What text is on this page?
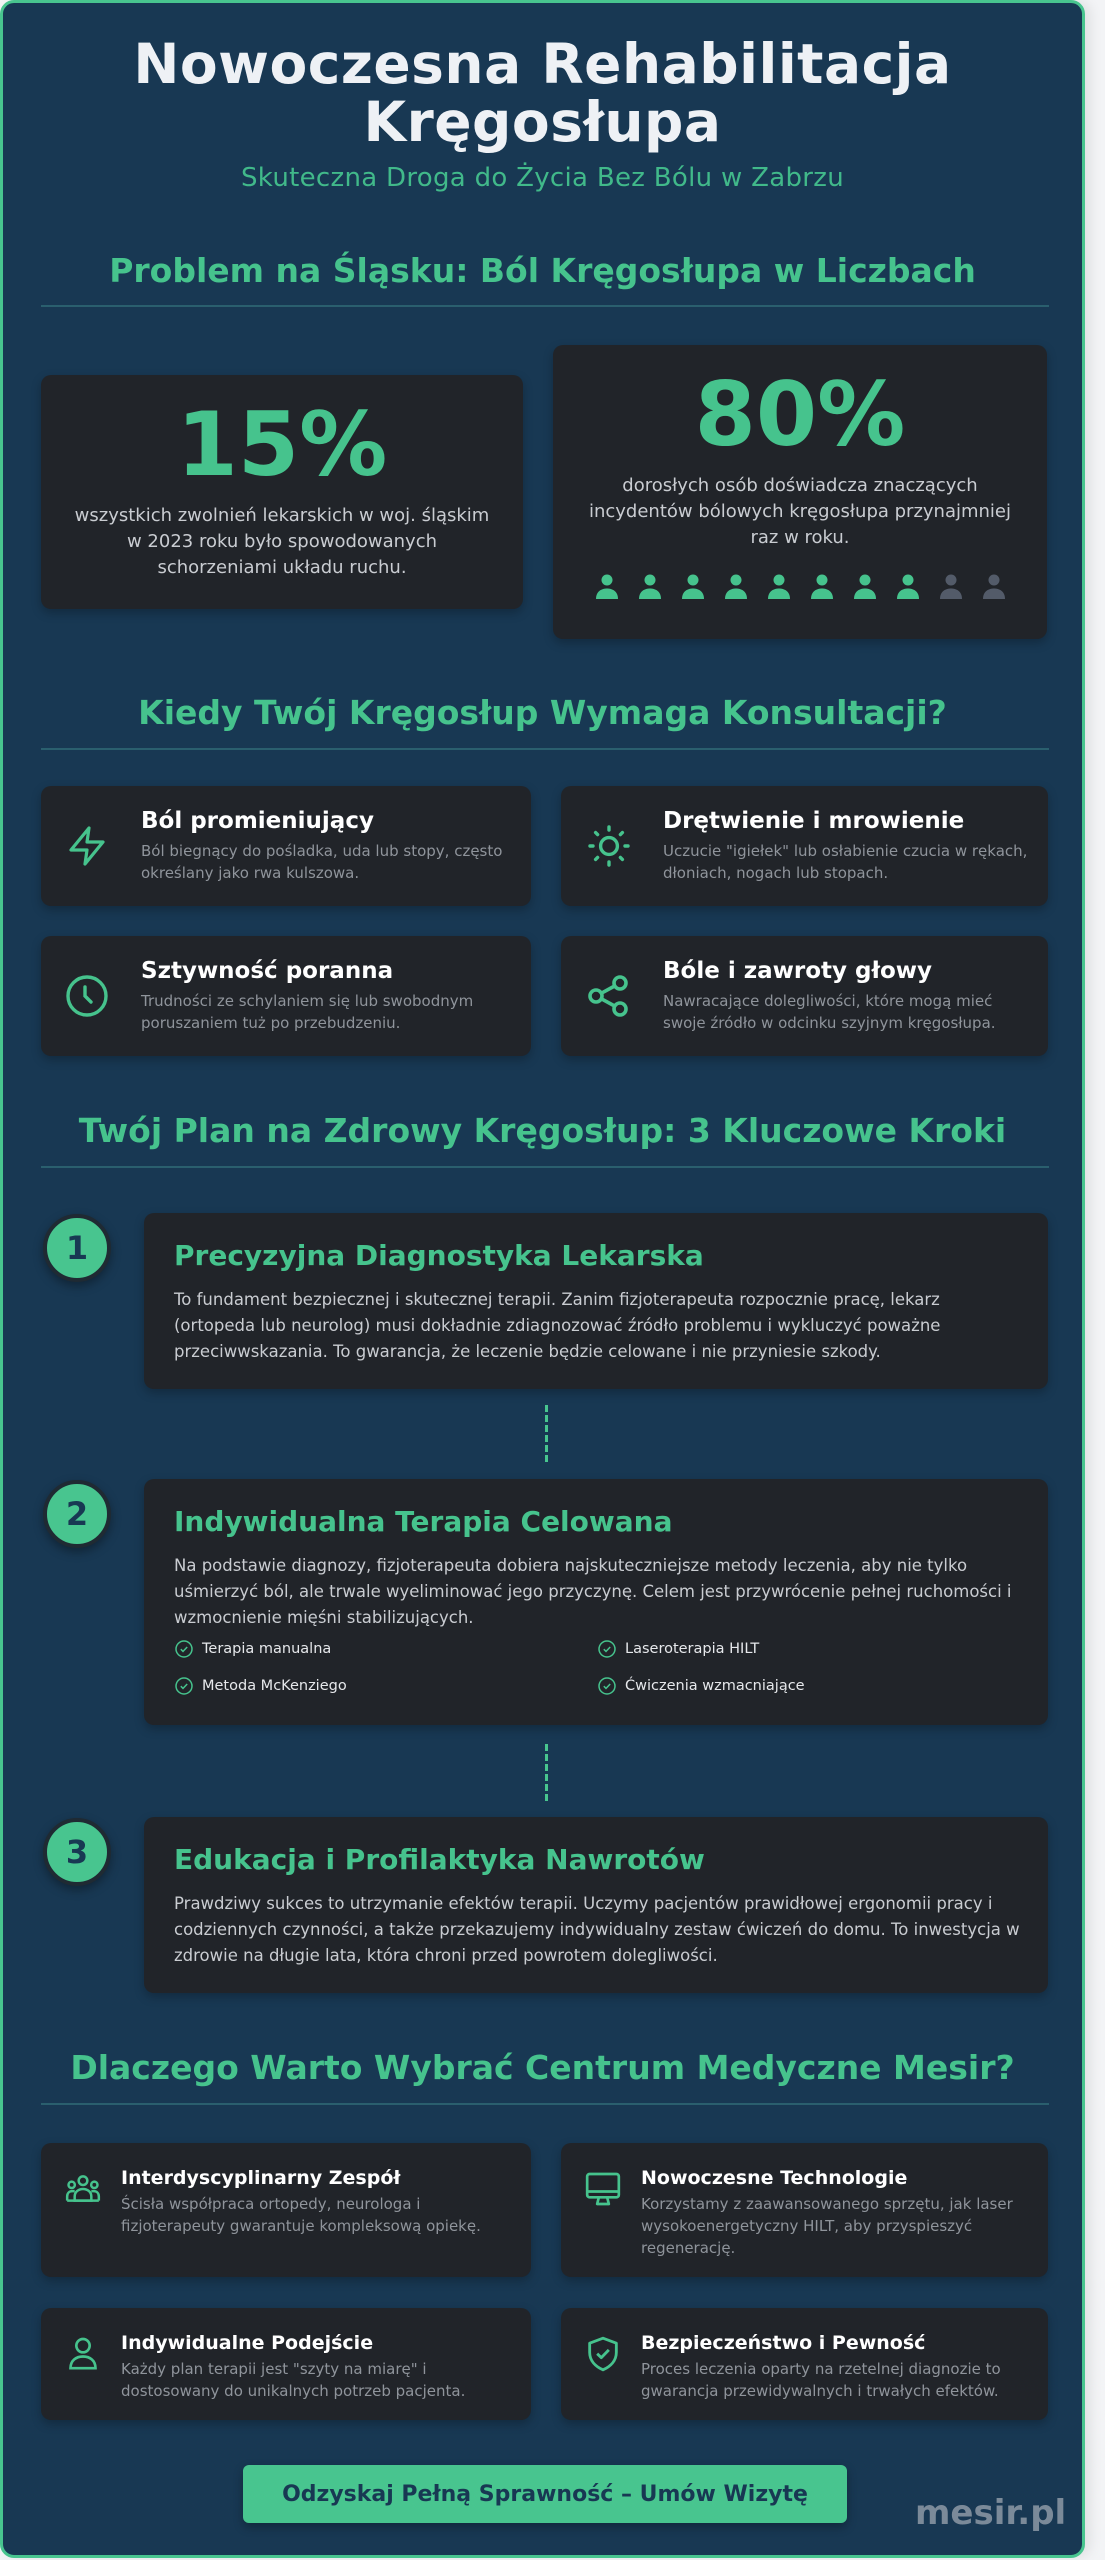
Nowoczesna Rehabilitacja
Kręgosłupa
Skuteczna Droga do Życia Bez Bólu w Zabrzu
Problem na Śląsku: Ból Kręgosłupa w Liczbach
15%
wszystkich zwolnień lekarskich w woj. śląskim w 2023 roku było spowodowanych schorzeniami układu ruchu.
80%
dorosłych osób doświadcza znaczących incydentów bólowych kręgosłupa przynajmniej raz w roku.
Kiedy Twój Kręgosłup Wymaga Konsultacji?
Ból promieniujący
Ból biegnący do pośladka, uda lub stopy, często określany jako rwa kulszowa.
Drętwienie i mrowienie
Uczucie "igiełek" lub osłabienie czucia w rękach, dłoniach, nogach lub stopach.
Sztywność poranna
Trudności ze schylaniem się lub swobodnym poruszaniem tuż po przebudzeniu.
Bóle i zawroty głowy
Nawracające dolegliwości, które mogą mieć swoje źródło w odcinku szyjnym kręgosłupa.
Twój Plan na Zdrowy Kręgosłup: 3 Kluczowe Kroki
1	Precyzyjna Diagnostyka Lekarska
To fundament bezpiecznej i skutecznej terapii. Zanim fizjoterapeuta rozpocznie pracę, lekarz (ortopeda lub neurolog) musi dokładnie zdiagnozować źródło problemu i wykluczyć poważne przeciwwskazania. To gwarancja, że leczenie będzie celowane i nie przyniesie szkody.
2	Indywidualna Terapia Celowana
Na podstawie diagnozy, fizjoterapeuta dobiera najskuteczniejsze metody leczenia, aby nie tylko uśmierzyć ból, ale trwale wyeliminować jego przyczynę. Celem jest przywrócenie pełnej ruchomości i wzmocnienie mięśni stabilizujących.
Terapia manualna	Laseroterapia HILT
Metoda McKenziego	Ćwiczenia wzmacniające
3	Edukacja i Profilaktyka Nawrotów
Prawdziwy sukces to utrzymanie efektów terapii. Uczymy pacjentów prawidłowej ergonomii pracy i codziennych czynności, a także przekazujemy indywidualny zestaw ćwiczeń do domu. To inwestycja w zdrowie na długie lata, która chroni przed powrotem dolegliwości.
Dlaczego Warto Wybrać Centrum Medyczne Mesir?
Interdyscyplinarny Zespół
Ścisła współpraca ortopedy, neurologa i fizjoterapeuty gwarantuje kompleksową opiekę.
Nowoczesne Technologie
Korzystamy z zaawansowanego sprzętu, jak laser wysokoenergetyczny HILT, aby przyspieszyć regenerację.
Indywidualne Podejście
Każdy plan terapii jest "szyty na miarę" i dostosowany do unikalnych potrzeb pacjenta.
Bezpieczeństwo i Pewność
Proces leczenia oparty na rzetelnej diagnozie to gwarancja przewidywalnych i trwałych efektów.
Odzyskaj Pełną Sprawność – Umów Wizytę	mesir.pl
